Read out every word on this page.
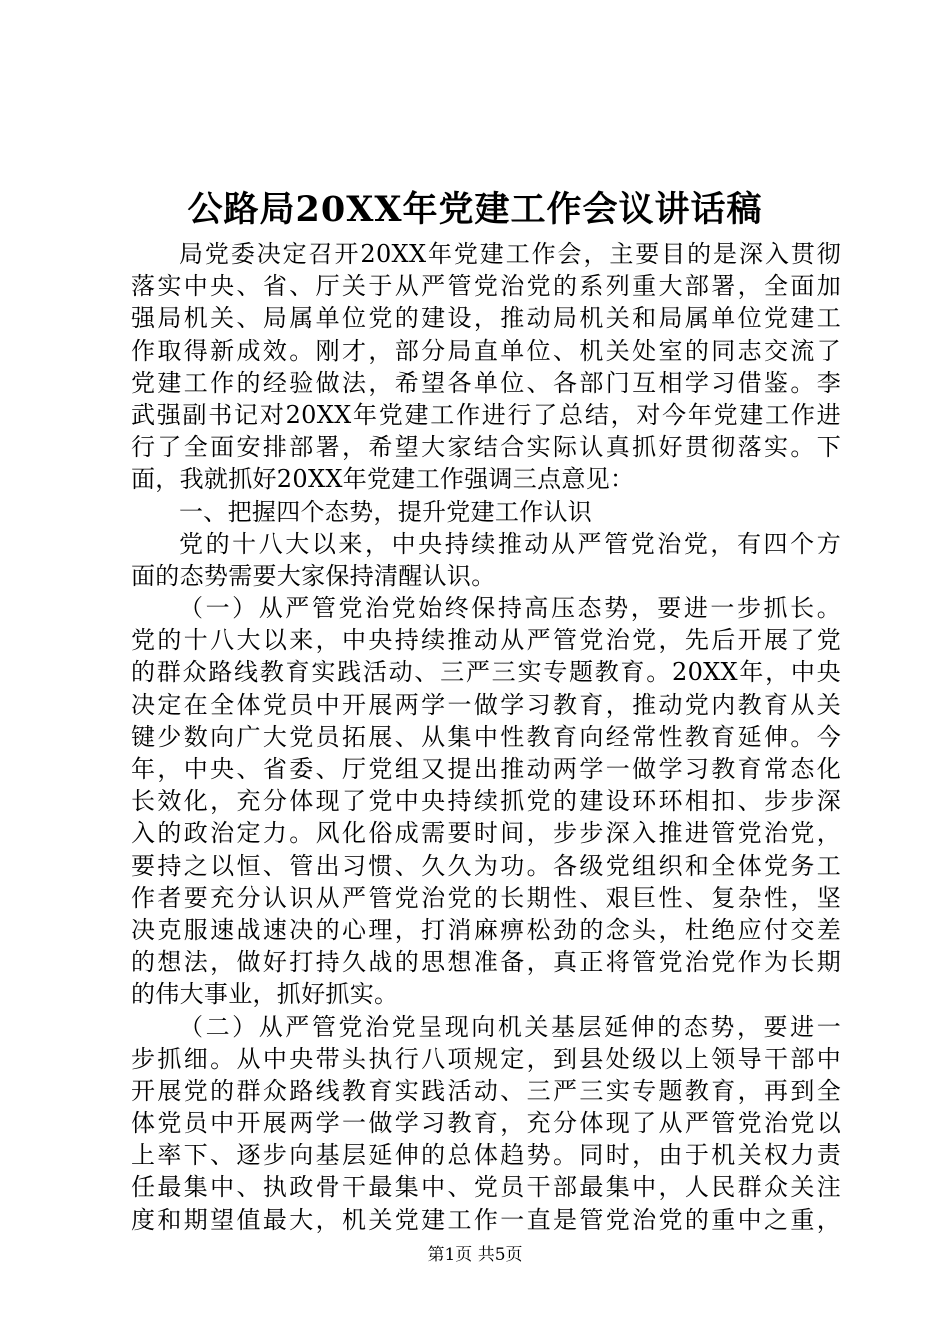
公路局20XX年党建工作会议讲话稿
局党委决定召开20XX年党建工作会，主要目的是深入贯彻
落实中央、省、厅关于从严管党治党的系列重大部署，全面加
强局机关、局属单位党的建设，推动局机关和局属单位党建工
作取得新成效。刚才，部分局直单位、机关处室的同志交流了
党建工作的经验做法，希望各单位、各部门互相学习借鉴。李
武强副书记对20XX年党建工作进行了总结，对今年党建工作进
行了全面安排部署，希望大家结合实际认真抓好贯彻落实。下
面，我就抓好20XX年党建工作强调三点意见：
一、把握四个态势，提升党建工作认识
党的十八大以来，中央持续推动从严管党治党，有四个方
面的态势需要大家保持清醒认识。
（一）从严管党治党始终保持高压态势，要进一步抓长。
党的十八大以来，中央持续推动从严管党治党，先后开展了党
的群众路线教育实践活动、三严三实专题教育。20XX年，中央
决定在全体党员中开展两学一做学习教育，推动党内教育从关
键少数向广大党员拓展、从集中性教育向经常性教育延伸。今
年，中央、省委、厅党组又提出推动两学一做学习教育常态化
长效化，充分体现了党中央持续抓党的建设环环相扣、步步深
入的政治定力。风化俗成需要时间，步步深入推进管党治党，
要持之以恒、管出习惯、久久为功。各级党组织和全体党务工
作者要充分认识从严管党治党的长期性、艰巨性、复杂性，坚
决克服速战速决的心理，打消麻痹松劲的念头，杜绝应付交差
的想法，做好打持久战的思想准备，真正将管党治党作为长期
的伟大事业，抓好抓实。
（二）从严管党治党呈现向机关基层延伸的态势，要进一
步抓细。从中央带头执行八项规定，到县处级以上领导干部中
开展党的群众路线教育实践活动、三严三实专题教育，再到全
体党员中开展两学一做学习教育，充分体现了从严管党治党以
上率下、逐步向基层延伸的总体趋势。同时，由于机关权力责
任最集中、执政骨干最集中、党员干部最集中，人民群众关注
度和期望值最大，机关党建工作一直是管党治党的重中之重，
第1页 共5页
